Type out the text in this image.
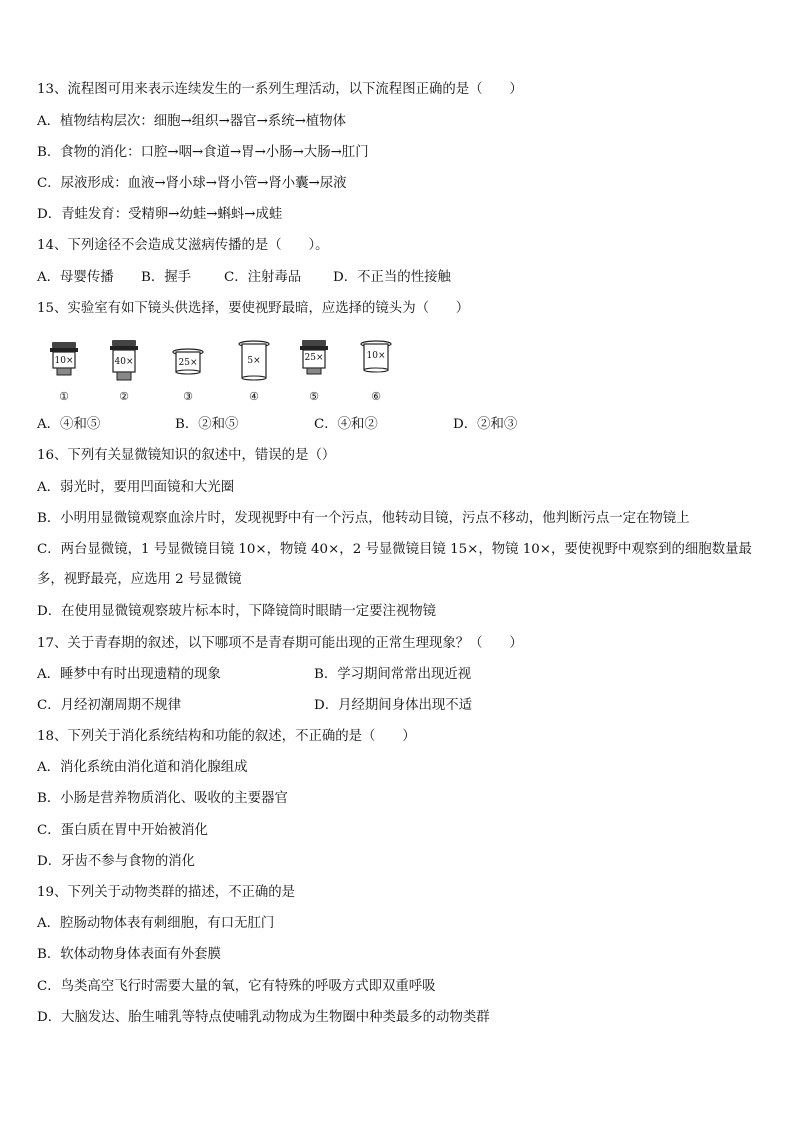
13、流程图可用来表示连续发生的一系列生理活动，以下流程图正确的是（　　）
A．植物结构层次：细胞→组织→器官→系统→植物体
B．食物的消化：口腔→咽→食道→胃→小肠→大肠→肛门
C．尿液形成：血液→肾小球→肾小管→肾小囊→尿液
D．青蛙发育：受精卵→幼蛙→蝌蚪→成蛙
14、下列途径不会造成艾滋病传播的是（　　）。
A．母婴传播 B．握手 C．注射毒品 D．不正当的性接触
15、实验室有如下镜头供选择，要使视野最暗，应选择的镜头为（　　）
10×
①
40×
②
25×
③
5×
④
25×
⑤
10×
⑥
A．④和⑤	B．②和⑤	C．④和②	D．②和③
16、下列有关显微镜知识的叙述中，错误的是（）
A．弱光时，要用凹面镜和大光圈
B．小明用显微镜观察血涂片时，发现视野中有一个污点，他转动目镜，污点不移动，他判断污点一定在物镜上
C．两台显微镜，1 号显微镜目镜 10×，物镜 40×，2 号显微镜目镜 15×，物镜 10×，要使视野中观察到的细胞数量最多，视野最亮，应选用 2 号显微镜
D．在使用显微镜观察玻片标本时，下降镜筒时眼睛一定要注视物镜
17、关于青春期的叙述，以下哪项不是青春期可能出现的正常生理现象？（　　）
A．睡梦中有时出现遗精的现象	B．学习期间常常出现近视
C．月经初潮周期不规律	D．月经期间身体出现不适
18、下列关于消化系统结构和功能的叙述，不正确的是（　　）
A．消化系统由消化道和消化腺组成
B．小肠是营养物质消化、吸收的主要器官
C．蛋白质在胃中开始被消化
D．牙齿不参与食物的消化
19、下列关于动物类群的描述，不正确的是
A．腔肠动物体表有刺细胞，有口无肛门
B．软体动物身体表面有外套膜
C．鸟类高空飞行时需要大量的氧，它有特殊的呼吸方式即双重呼吸
D．大脑发达、胎生哺乳等特点使哺乳动物成为生物圈中种类最多的动物类群
